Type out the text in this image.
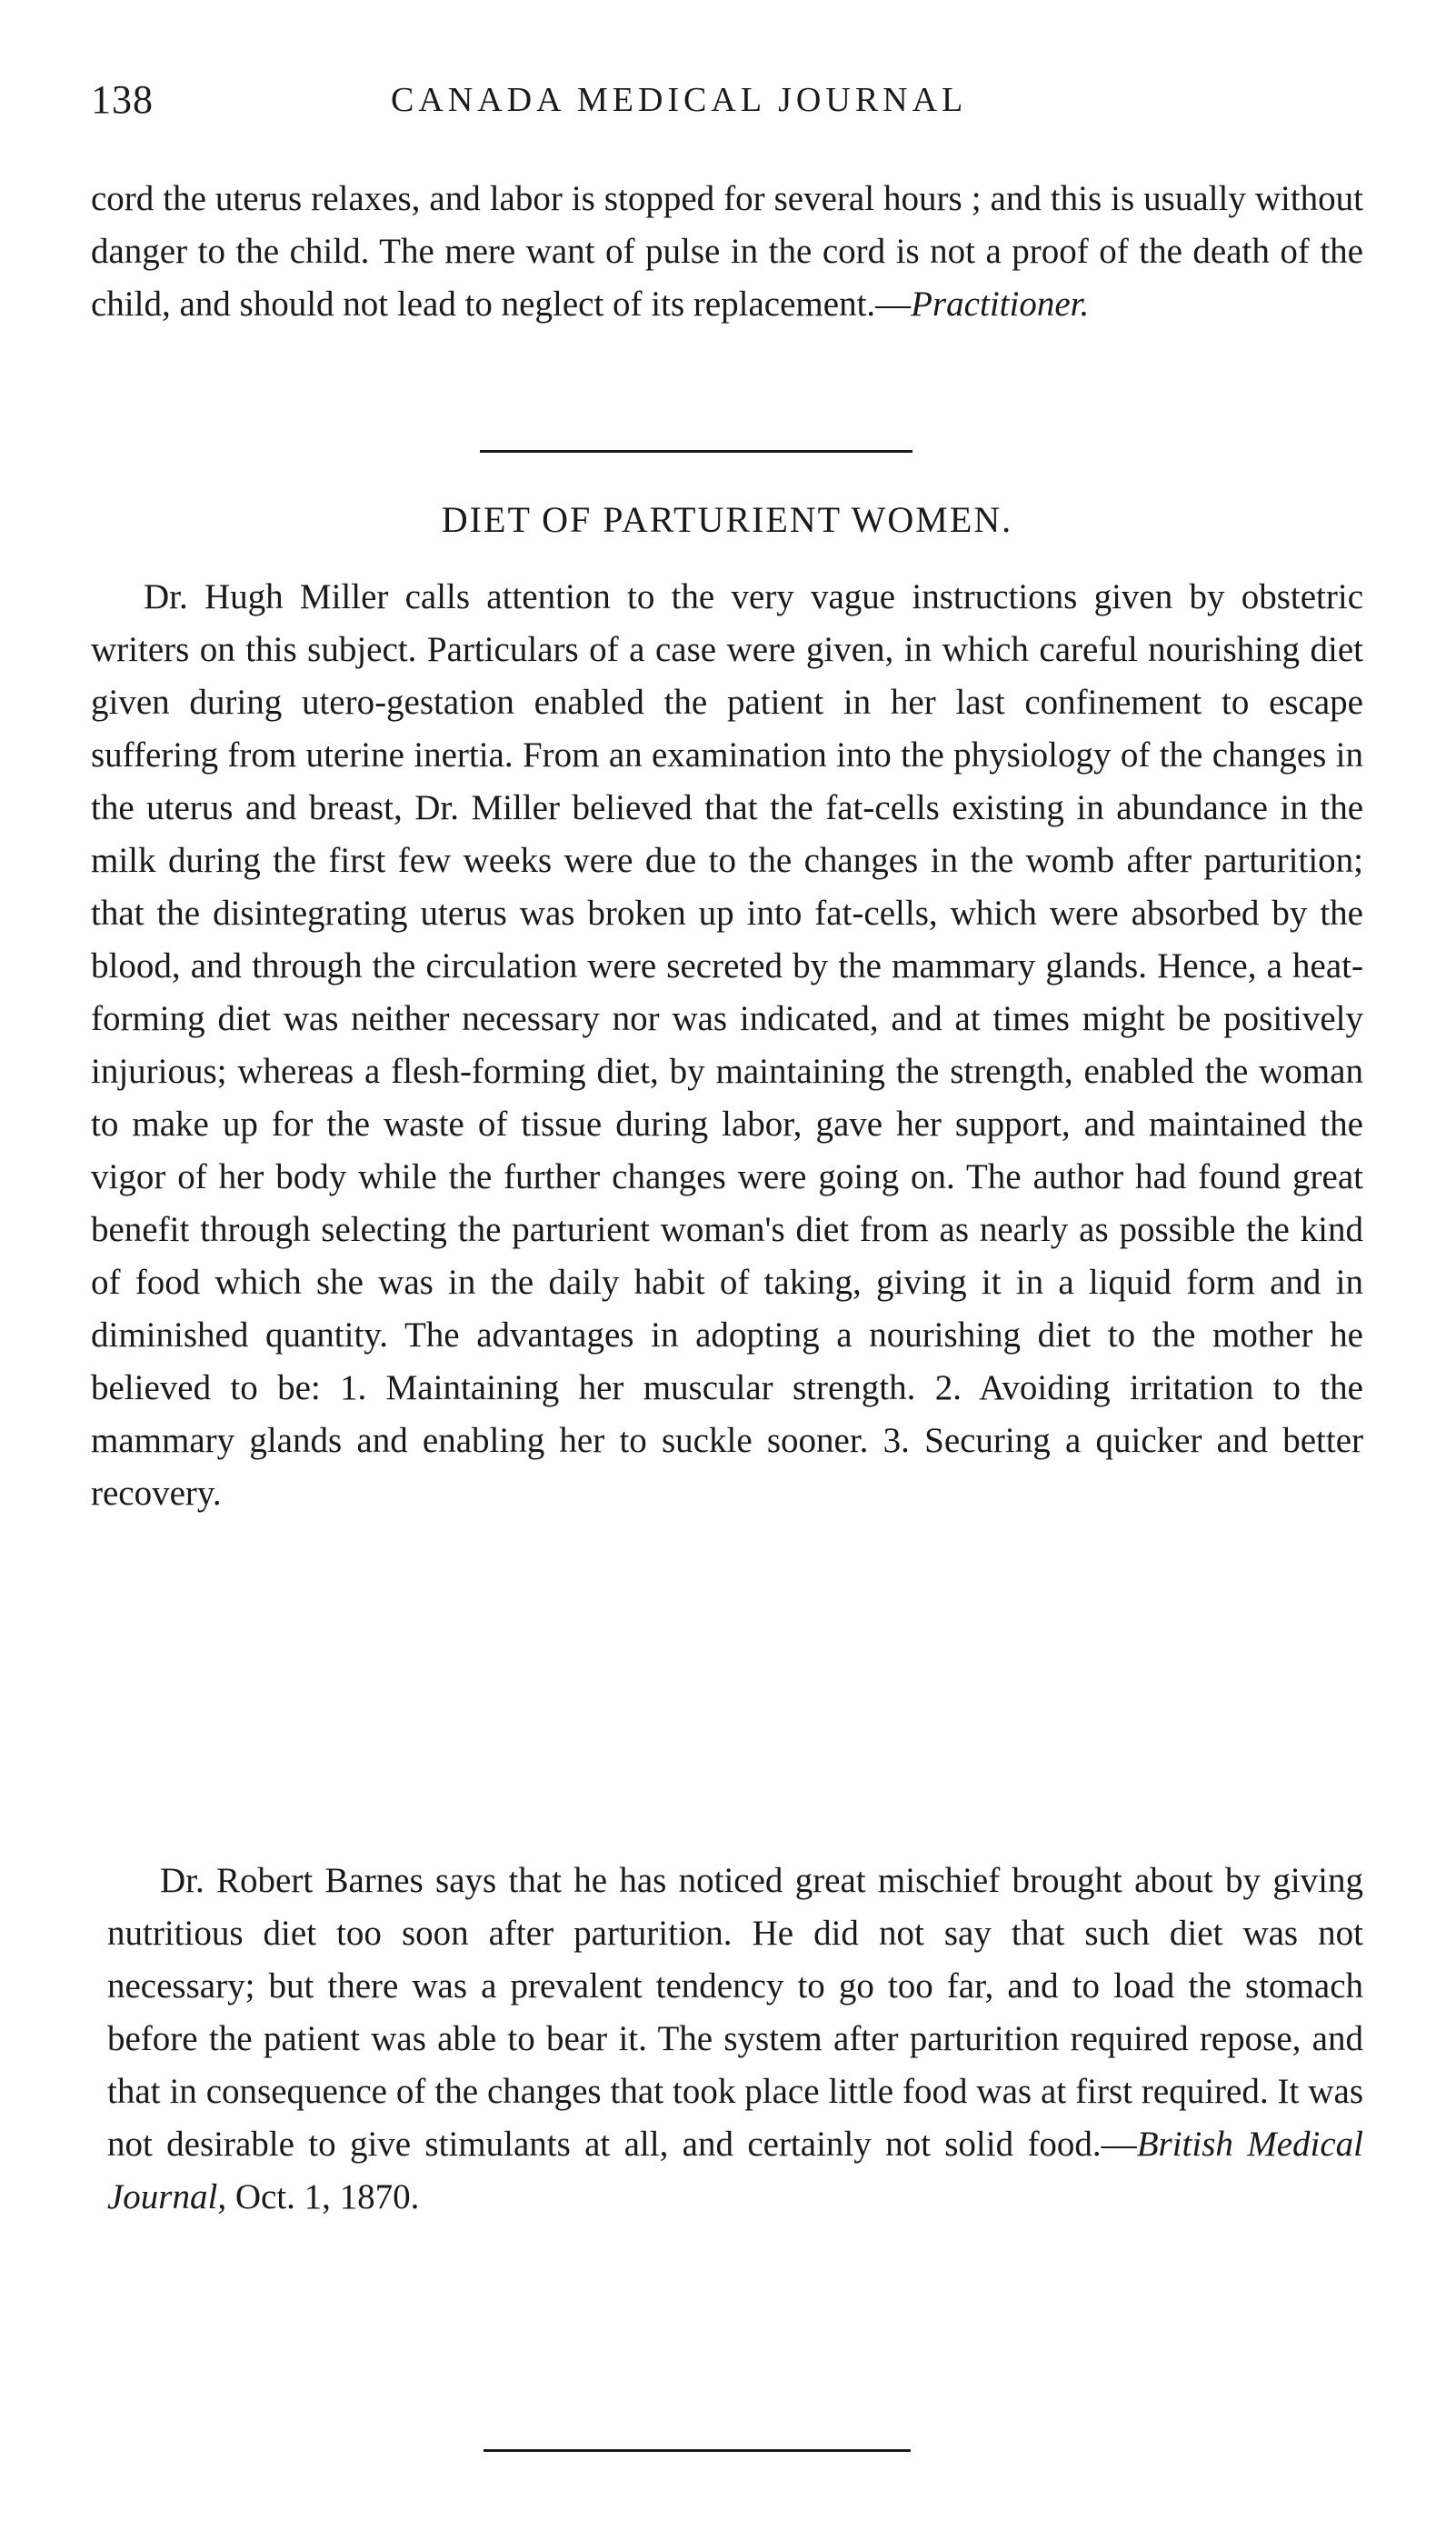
138	CANADA MEDICAL JOURNAL

cord the uterus relaxes, and labor is stopped for several hours ; and this is usually without danger to the child. The mere want of pulse in the cord is not a proof of the death of the child, and should not lead to neglect of its replacement.—Practitioner.

DIET OF PARTURIENT WOMEN.

Dr. Hugh Miller calls attention to the very vague instructions given by obstetric writers on this subject. Particulars of a case were given, in which careful nourishing diet given during utero-gestation enabled the patient in her last confinement to escape suffering from uterine inertia. From an examination into the physiology of the changes in the uterus and breast, Dr. Miller believed that the fat-cells existing in abundance in the milk during the first few weeks were due to the changes in the womb after parturition; that the disintegrating uterus was broken up into fat-cells, which were absorbed by the blood, and through the circulation were secreted by the mammary glands. Hence, a heat-forming diet was neither necessary nor was indicated, and at times might be positively injurious; whereas a flesh-forming diet, by maintaining the strength, enabled the woman to make up for the waste of tissue during labor, gave her support, and maintained the vigor of her body while the further changes were going on. The author had found great benefit through selecting the parturient woman's diet from as nearly as possible the kind of food which she was in the daily habit of taking, giving it in a liquid form and in diminished quantity. The advantages in adopting a nourishing diet to the mother he believed to be: 1. Maintaining her muscular strength. 2. Avoiding irritation to the mammary glands and enabling her to suckle sooner. 3. Securing a quicker and better recovery.

Dr. Robert Barnes says that he has noticed great mischief brought about by giving nutritious diet too soon after parturition. He did not say that such diet was not necessary; but there was a prevalent tendency to go too far, and to load the stomach before the patient was able to bear it. The system after parturition required repose, and that in consequence of the changes that took place little food was at first required. It was not desirable to give stimulants at all, and certainly not solid food.—British Medical Journal, Oct. 1, 1870.
